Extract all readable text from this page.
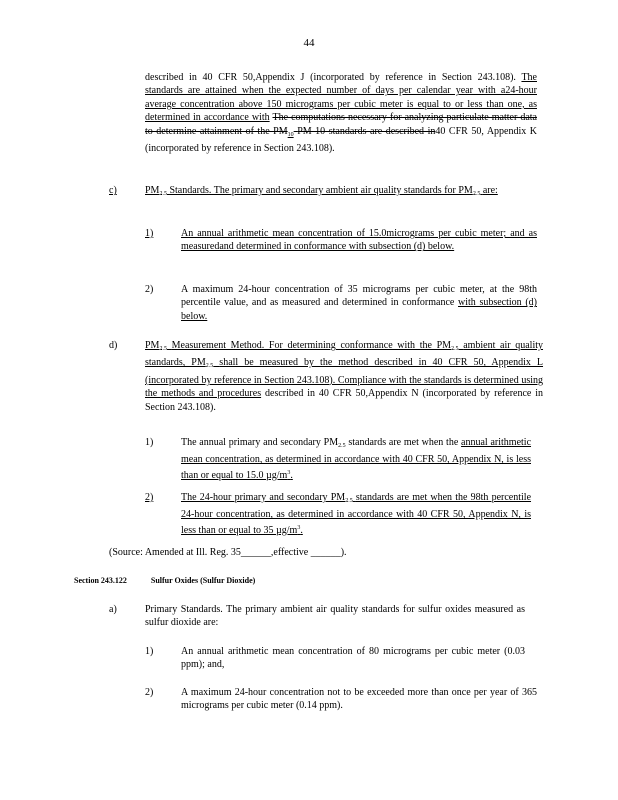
44
described in 40 CFR 50,Appendix J (incorporated by reference in Section 243.108). The standards are attained when the expected number of days per calendar year with a24-hour average concentration above 150 micrograms per cubic meter is equal to or less than one, as determined in accordance with The computations necessary for analyzing particulate matter data to determine attainment of the $PM_{10}$ PM 10 standards are described in40 CFR 50, Appendix K (incorporated by reference in Section 243.108).
c)	$PM_{2.5}$ Standards. The primary and secondary ambient air quality standards for $PM_{2.5}$ are:
1)	An annual arithmetic mean concentration of 15.0micrograms per cubic meter; and as measuredand determined in conformance with subsection (d) below.
2)	A maximum 24-hour concentration of 35 micrograms per cubic meter, at the 98th percentile value, and as measured and determined in conformance with subsection (d) below.
d)	$PM_{2.5}$ Measurement Method. For determining conformance with the $PM_{2.5}$ ambient air quality standards, $PM_{2.5}$ shall be measured by the method described in 40 CFR 50, Appendix L (incorporated by reference in Section 243.108). Compliance with the standards is determined using the methods and procedures described in 40 CFR 50,Appendix N (incorporated by reference in Section 243.108).
1)	The annual primary and secondary $PM_{2.5}$ standards are met when the annual arithmetic mean concentration, as determined in accordance with 40 CFR 50, Appendix N, is less than or equal to 15.0 $\mu g/m^3$.
2)	The 24-hour primary and secondary $PM_{2.5}$ standards are met when the 98th percentile 24-hour concentration, as determined in accordance with 40 CFR 50, Appendix N, is less than or equal to 35 $\mu g/m^3$.
(Source: Amended at Ill. Reg. 35______,effective ______).
Section 243.122	Sulfur Oxides (Sulfur Dioxide)
a)	Primary Standards. The primary ambient air quality standards for sulfur oxides measured as sulfur dioxide are:
1)	An annual arithmetic mean concentration of 80 micrograms per cubic meter (0.03 ppm); and,
2)	A maximum 24-hour concentration not to be exceeded more than once per year of 365 micrograms per cubic meter (0.14 ppm).
